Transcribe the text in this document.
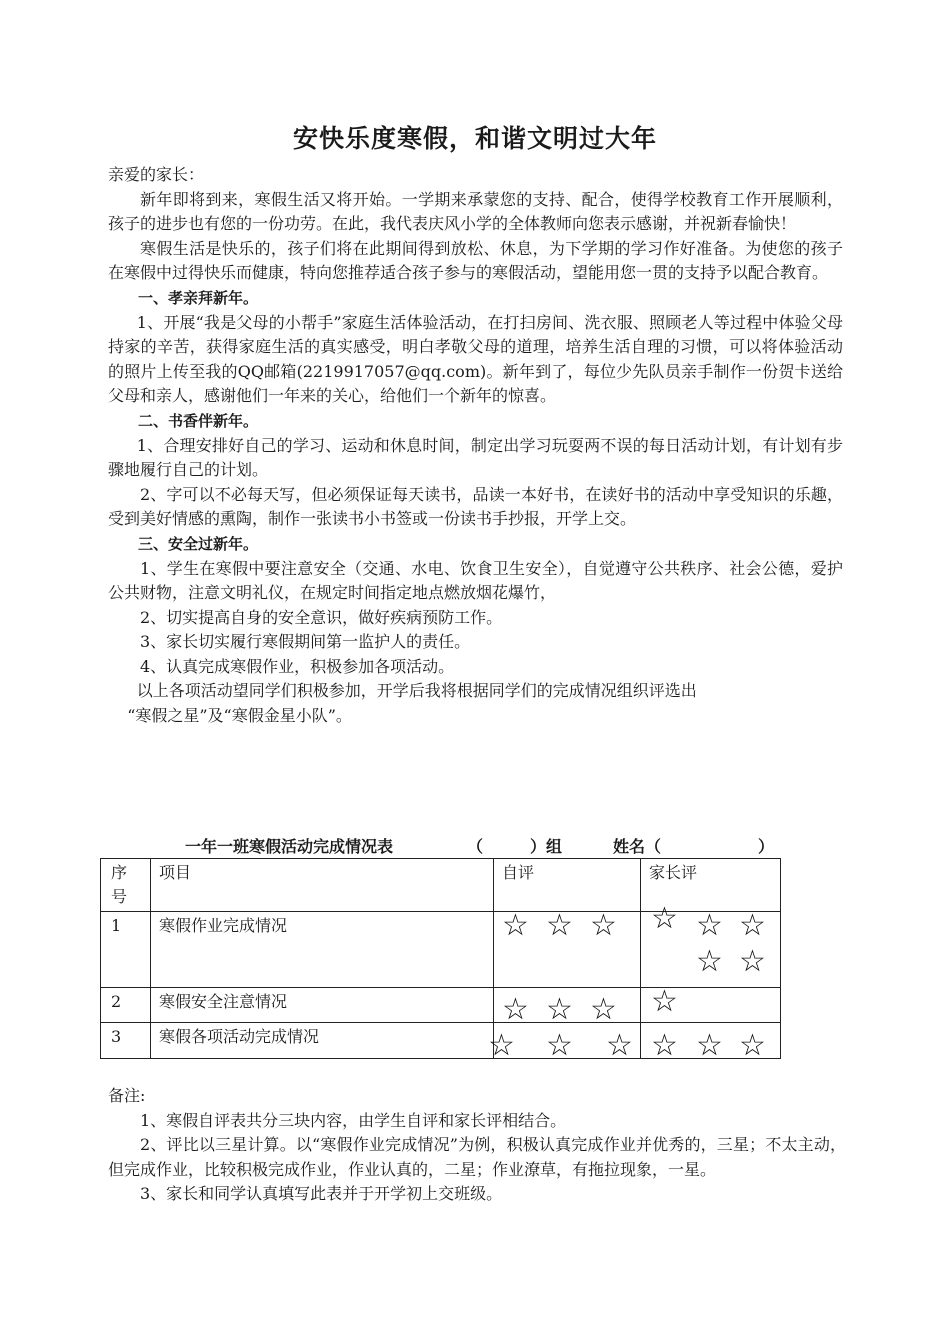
安快乐度寒假，和谐文明过大年

亲爱的家长：

新年即将到来，寒假生活又将开始。一学期来承蒙您的支持、配合，使得学校教育工作开展顺利，孩子的进步也有您的一份功劳。在此，我代表庆风小学的全体教师向您表示感谢，并祝新春愉快！

寒假生活是快乐的，孩子们将在此期间得到放松、休息，为下学期的学习作好准备。为使您的孩子在寒假中过得快乐而健康，特向您推荐适合孩子参与的寒假活动，望能用您一贯的支持予以配合教育。

一、孝亲拜新年。

1、开展“我是父母的小帮手”家庭生活体验活动，在打扫房间、洗衣服、照顾老人等过程中体验父母持家的辛苦，获得家庭生活的真实感受，明白孝敬父母的道理，培养生活自理的习惯，可以将体验活动的照片上传至我的QQ邮箱(2219917057@qq.com)。新年到了，每位少先队员亲手制作一份贺卡送给父母和亲人，感谢他们一年来的关心，给他们一个新年的惊喜。

二、书香伴新年。

1、合理安排好自己的学习、运动和休息时间，制定出学习玩耍两不误的每日活动计划，有计划有步骤地履行自己的计划。

2、字可以不必每天写，但必须保证每天读书，品读一本好书，在读好书的活动中享受知识的乐趣，受到美好情感的熏陶，制作一张读书小书签或一份读书手抄报，开学上交。

三、安全过新年。

1、学生在寒假中要注意安全（交通、水电、饮食卫生安全），自觉遵守公共秩序、社会公德，爱护公共财物，注意文明礼仪，在规定时间指定地点燃放烟花爆竹，

2、切实提高自身的安全意识，做好疾病预防工作。

3、家长切实履行寒假期间第一监护人的责任。

4、认真完成寒假作业，积极参加各项活动。

以上各项活动望同学们积极参加，开学后我将根据同学们的完成情况组织评选出

“寒假之星”及“寒假金星小队”。

一年一班寒假活动完成情况表	（	）组	姓名（	）
序号	项目	自评	家长评
1	寒假作业完成情况	☆ ☆ ☆	☆ ☆ ☆
☆ ☆

2	寒假安全注意情况	☆ ☆ ☆	☆

3	寒假各项活动完成情况	☆ ☆ ☆	☆ ☆ ☆

备注:

1、寒假自评表共分三块内容，由学生自评和家长评相结合。

2、评比以三星计算。以“寒假作业完成情况”为例，积极认真完成作业并优秀的，三星；不太主动，但完成作业，比较积极完成作业，作业认真的，二星；作业潦草，有拖拉现象，一星。

3、家长和同学认真填写此表并于开学初上交班级。
